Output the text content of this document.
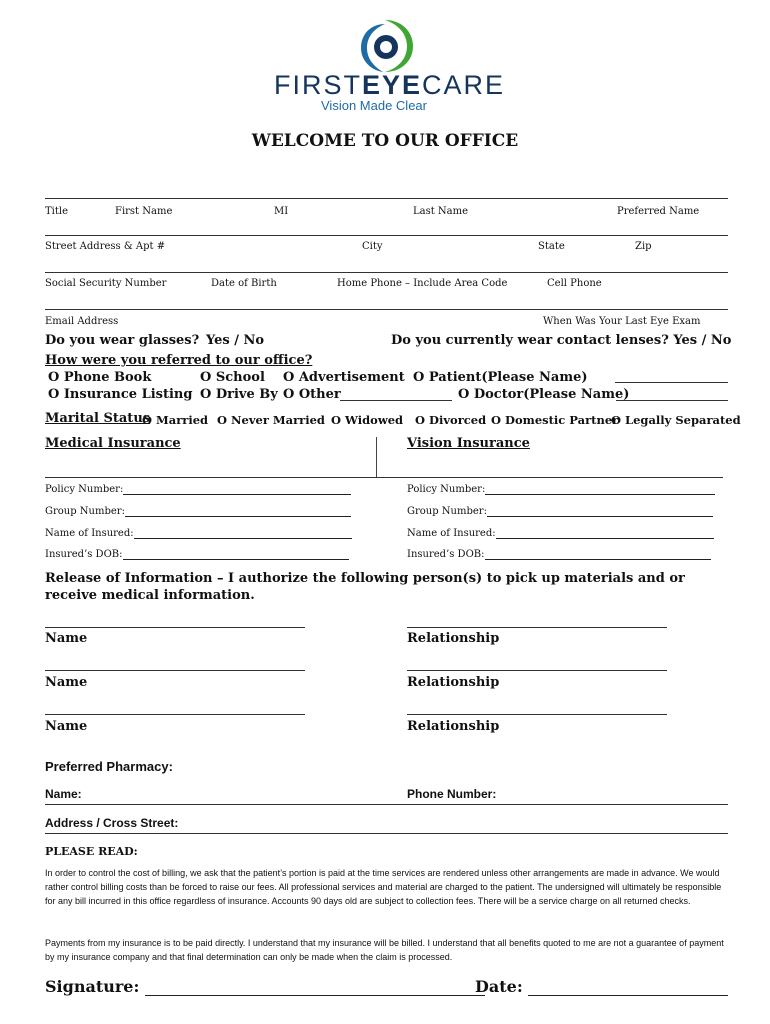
FIRSTEYECARE
Vision Made Clear
WELCOME TO OUR OFFICE
Title	First Name	MI	Last Name	Preferred Name
Street Address & Apt #	City	State	Zip
Social Security Number	Date of Birth	Home Phone – Include Area Code	Cell Phone
Email Address	When Was Your Last Eye Exam
Do you wear glasses? Yes / No	Do you currently wear contact lenses? Yes / No
How were you referred to our office?
O Phone Book	O School O Advertisement O Patient(Please Name)
O Insurance Listing O Drive By O Other	O Doctor(Please Name)
Marital Status
O Married O Never Married O Widowed O Divorced O Domestic Partner
O Legally Separated
Medical Insurance	Vision Insurance
Policy Number:	Policy Number:
Group Number:	Group Number:
Name of Insured:	Name of Insured:
Insured’s DOB:	Insured’s DOB:
Release of Information – I authorize the following person(s) to pick up materials and or receive medical information.
Name	Relationship
Name	Relationship
Name	Relationship
Preferred Pharmacy:
Name:	Phone Number:
Address / Cross Street:
PLEASE READ:
In order to control the cost of billing, we ask that the patient’s portion is paid at the time services are rendered unless other arrangements are made in advance. We would rather control billing costs than be forced to raise our fees. All professional services and material are charged to the patient. The undersigned will ultimately be responsible for any bill incurred in this office regardless of insurance. Accounts 90 days old are subject to collection fees. There will be a service charge on all returned checks.
Payments from my insurance is to be paid directly. I understand that my insurance will be billed. I understand that all benefits quoted to me are not a guarantee of payment by my insurance company and that final determination can only be made when the claim is processed.
Signature:	Date:
